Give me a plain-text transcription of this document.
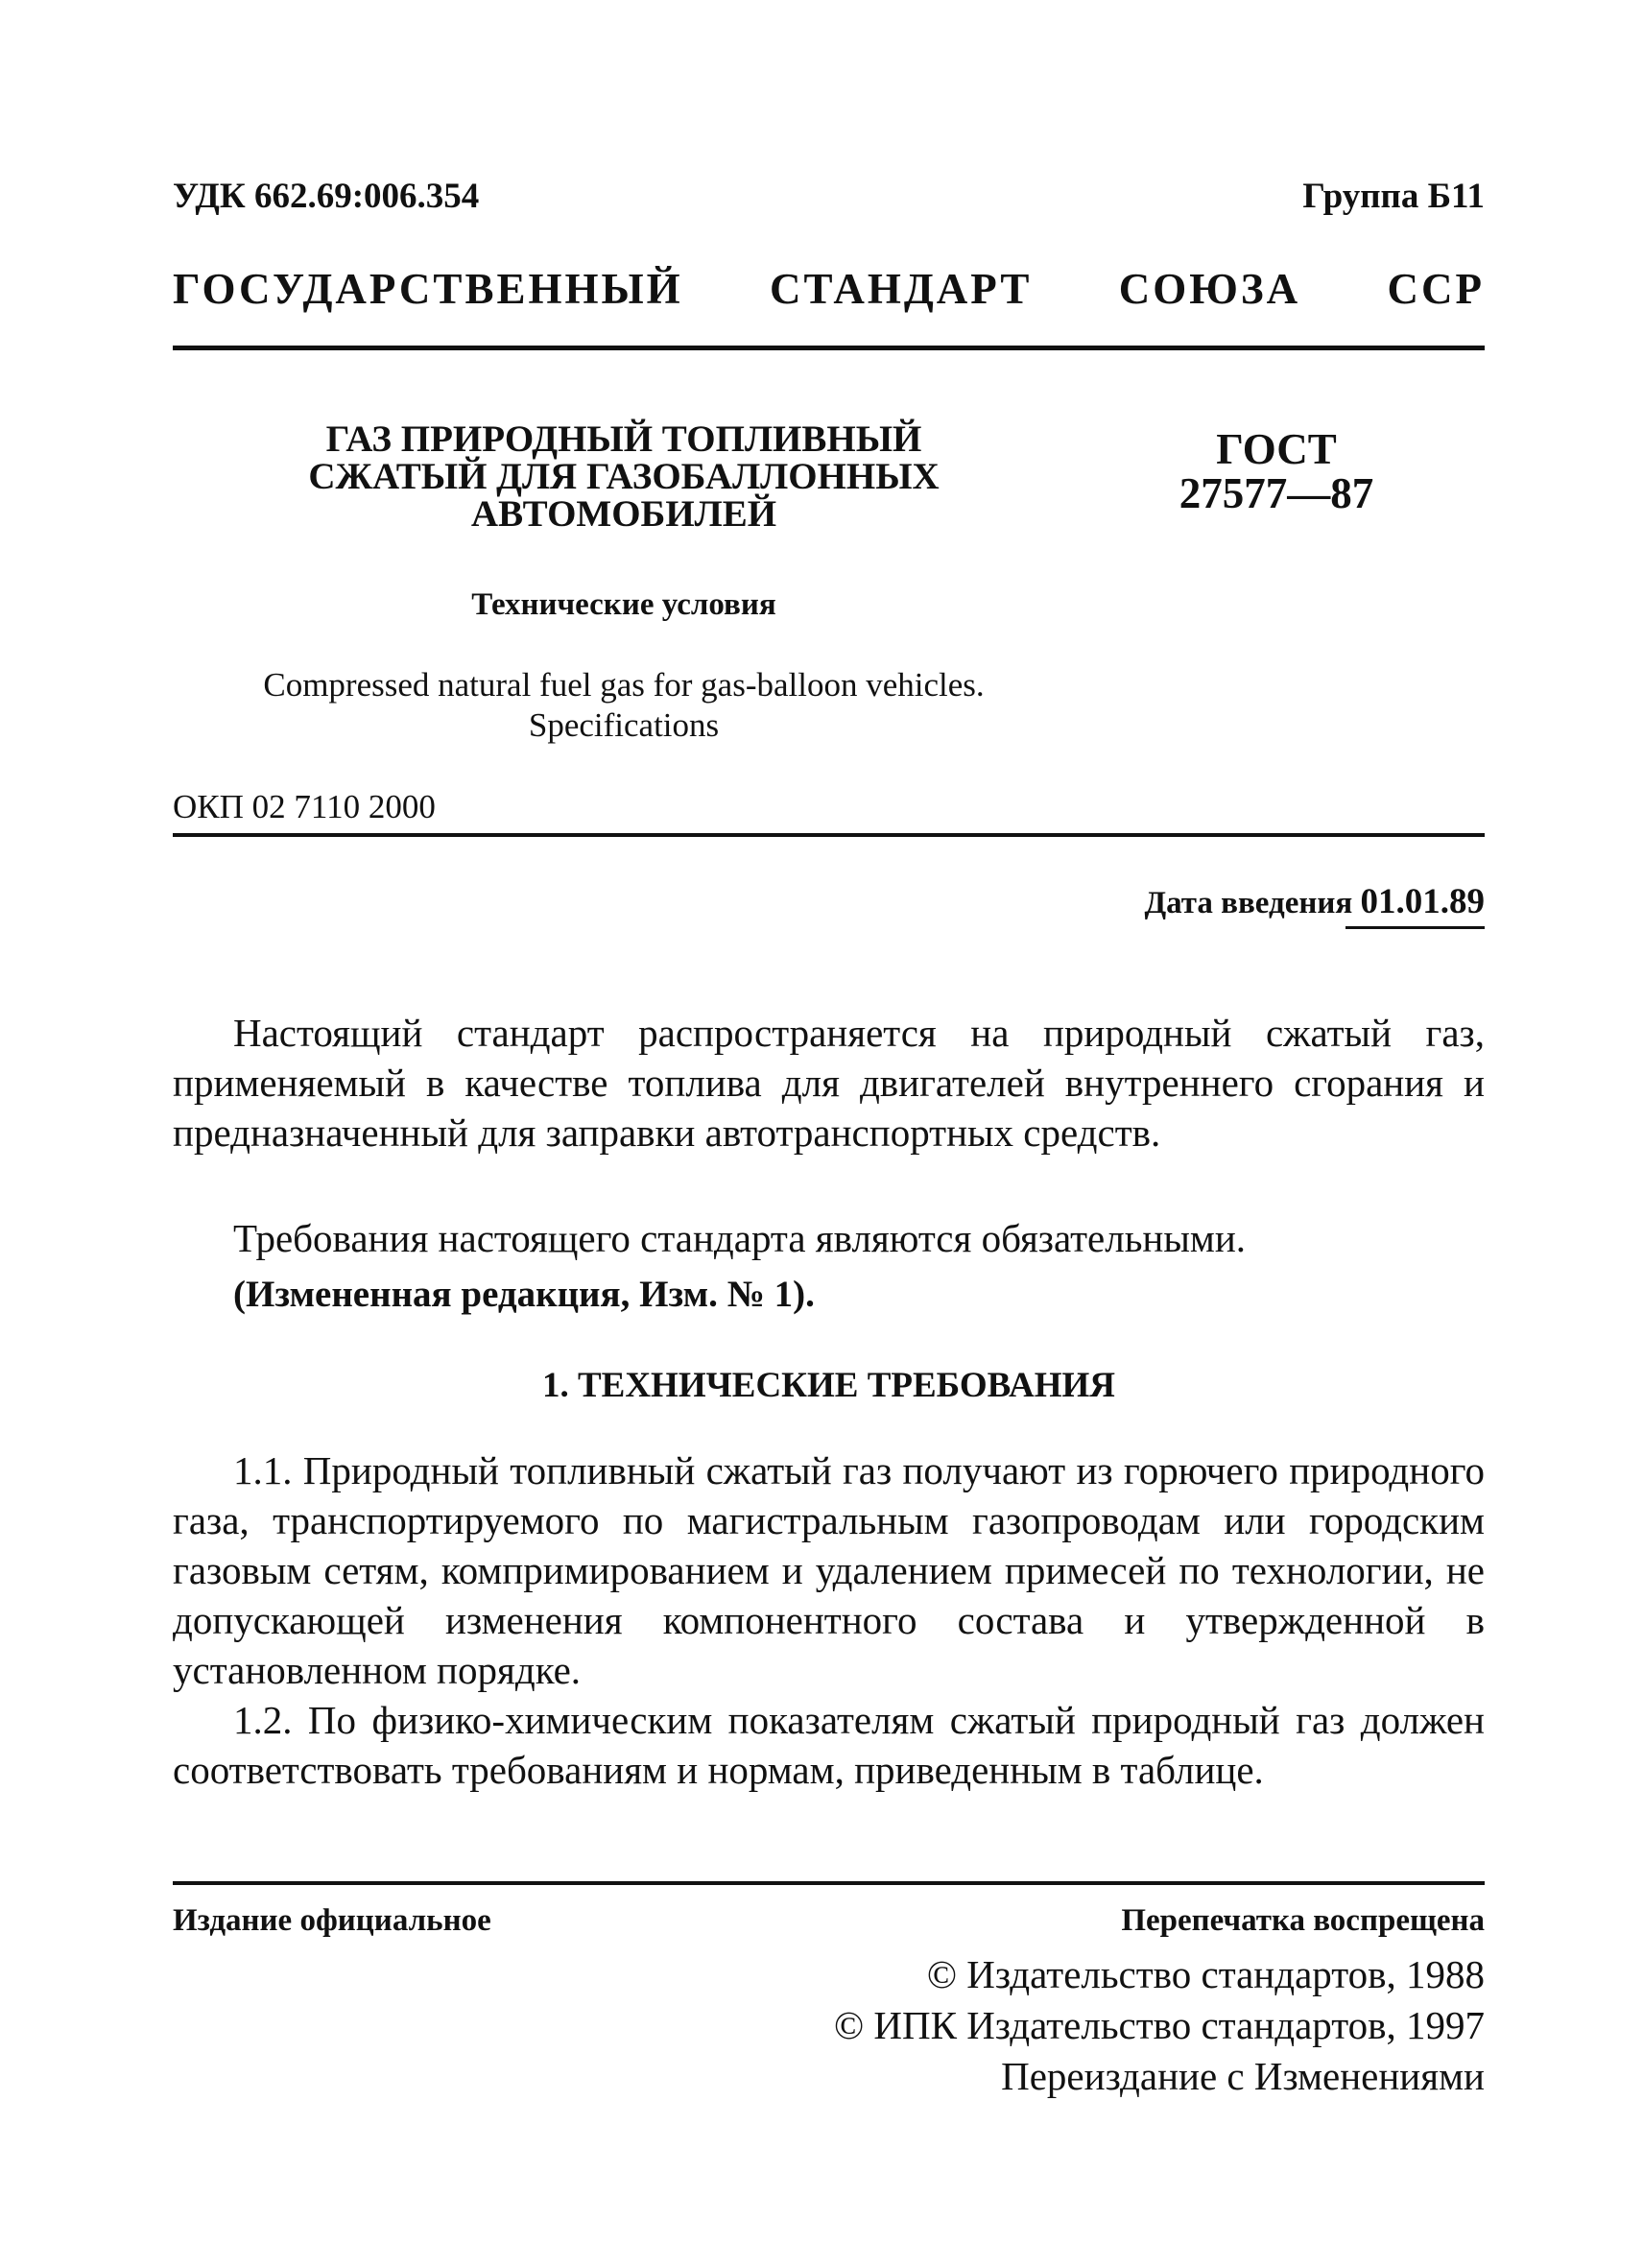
УДК 662.69:006.354	Группа Б11
ГОСУДАРСТВЕННЫЙ СТАНДАРТ СОЮЗА ССР
ГАЗ ПРИРОДНЫЙ ТОПЛИВНЫЙ
СЖАТЫЙ ДЛЯ ГАЗОБАЛЛОННЫХ
АВТОМОБИЛЕЙ
ГОСТ
27577—87
Технические условия
Compressed natural fuel gas for gas-balloon vehicles.
Specifications
ОКП 02 7110 2000
Дата введения 01.01.89
Настоящий стандарт распространяется на природный сжатый газ, применяемый в качестве топлива для двигателей внутреннего сгорания и предназначенный для заправки автотранспортных средств.
Требования настоящего стандарта являются обязательными.
(Измененная редакция, Изм. № 1).
1. ТЕХНИЧЕСКИЕ ТРЕБОВАНИЯ
1.1. Природный топливный сжатый газ получают из горючего природного газа, транспортируемого по магистральным газопроводам или городским газовым сетям, компримированием и удалением примесей по технологии, не допускающей изменения компонентного состава и утвержденной в установленном порядке.
1.2. По физико-химическим показателям сжатый природный газ должен соответствовать требованиям и нормам, приведенным в таблице.
Издание официальное	Перепечатка воспрещена
© Издательство стандартов, 1988
© ИПК Издательство стандартов, 1997
Переиздание с Изменениями
